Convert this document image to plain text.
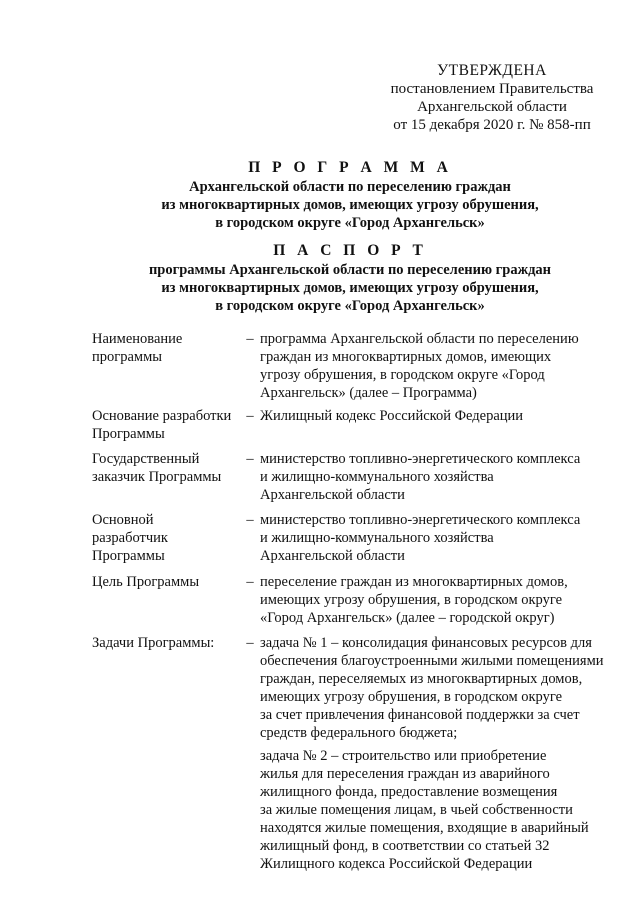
УТВЕРЖДЕНА
постановлением Правительства
Архангельской области
от 15 декабря 2020 г. № 858-пп
П Р О Г Р А М М А
Архангельской области по переселению граждан
из многоквартирных домов, имеющих угрозу обрушения,
в городском округе «Город Архангельск»
П А С П О Р Т
программы Архангельской области по переселению граждан
из многоквартирных домов, имеющих угрозу обрушения,
в городском округе «Город Архангельск»
Наименование
программы
– программа Архангельской области по переселению
граждан из многоквартирных домов, имеющих
угрозу обрушения, в городском округе «Город
Архангельск» (далее – Программа)
Основание разработки
Программы
– Жилищный кодекс Российской Федерации
Государственный
заказчик Программы
– министерство топливно-энергетического комплекса
и жилищно-коммунального хозяйства
Архангельской области
Основной
разработчик
Программы
– министерство топливно-энергетического комплекса
и жилищно-коммунального хозяйства
Архангельской области
Цель Программы	– переселение граждан из многоквартирных домов,
имеющих угрозу обрушения, в городском округе
«Город Архангельск» (далее – городской округ)
Задачи Программы:	– задача № 1 – консолидация финансовых ресурсов для
обеспечения благоустроенными жилыми помещениями
граждан, переселяемых из многоквартирных домов,
имеющих угрозу обрушения, в городском округе
за счет привлечения финансовой поддержки за счет
средств федерального бюджета;
задача № 2 – строительство или приобретение
жилья для переселения граждан из аварийного
жилищного фонда, предоставление возмещения
за жилые помещения лицам, в чьей собственности
находятся жилые помещения, входящие в аварийный
жилищный фонд, в соответствии со статьей 32
Жилищного кодекса Российской Федерации
